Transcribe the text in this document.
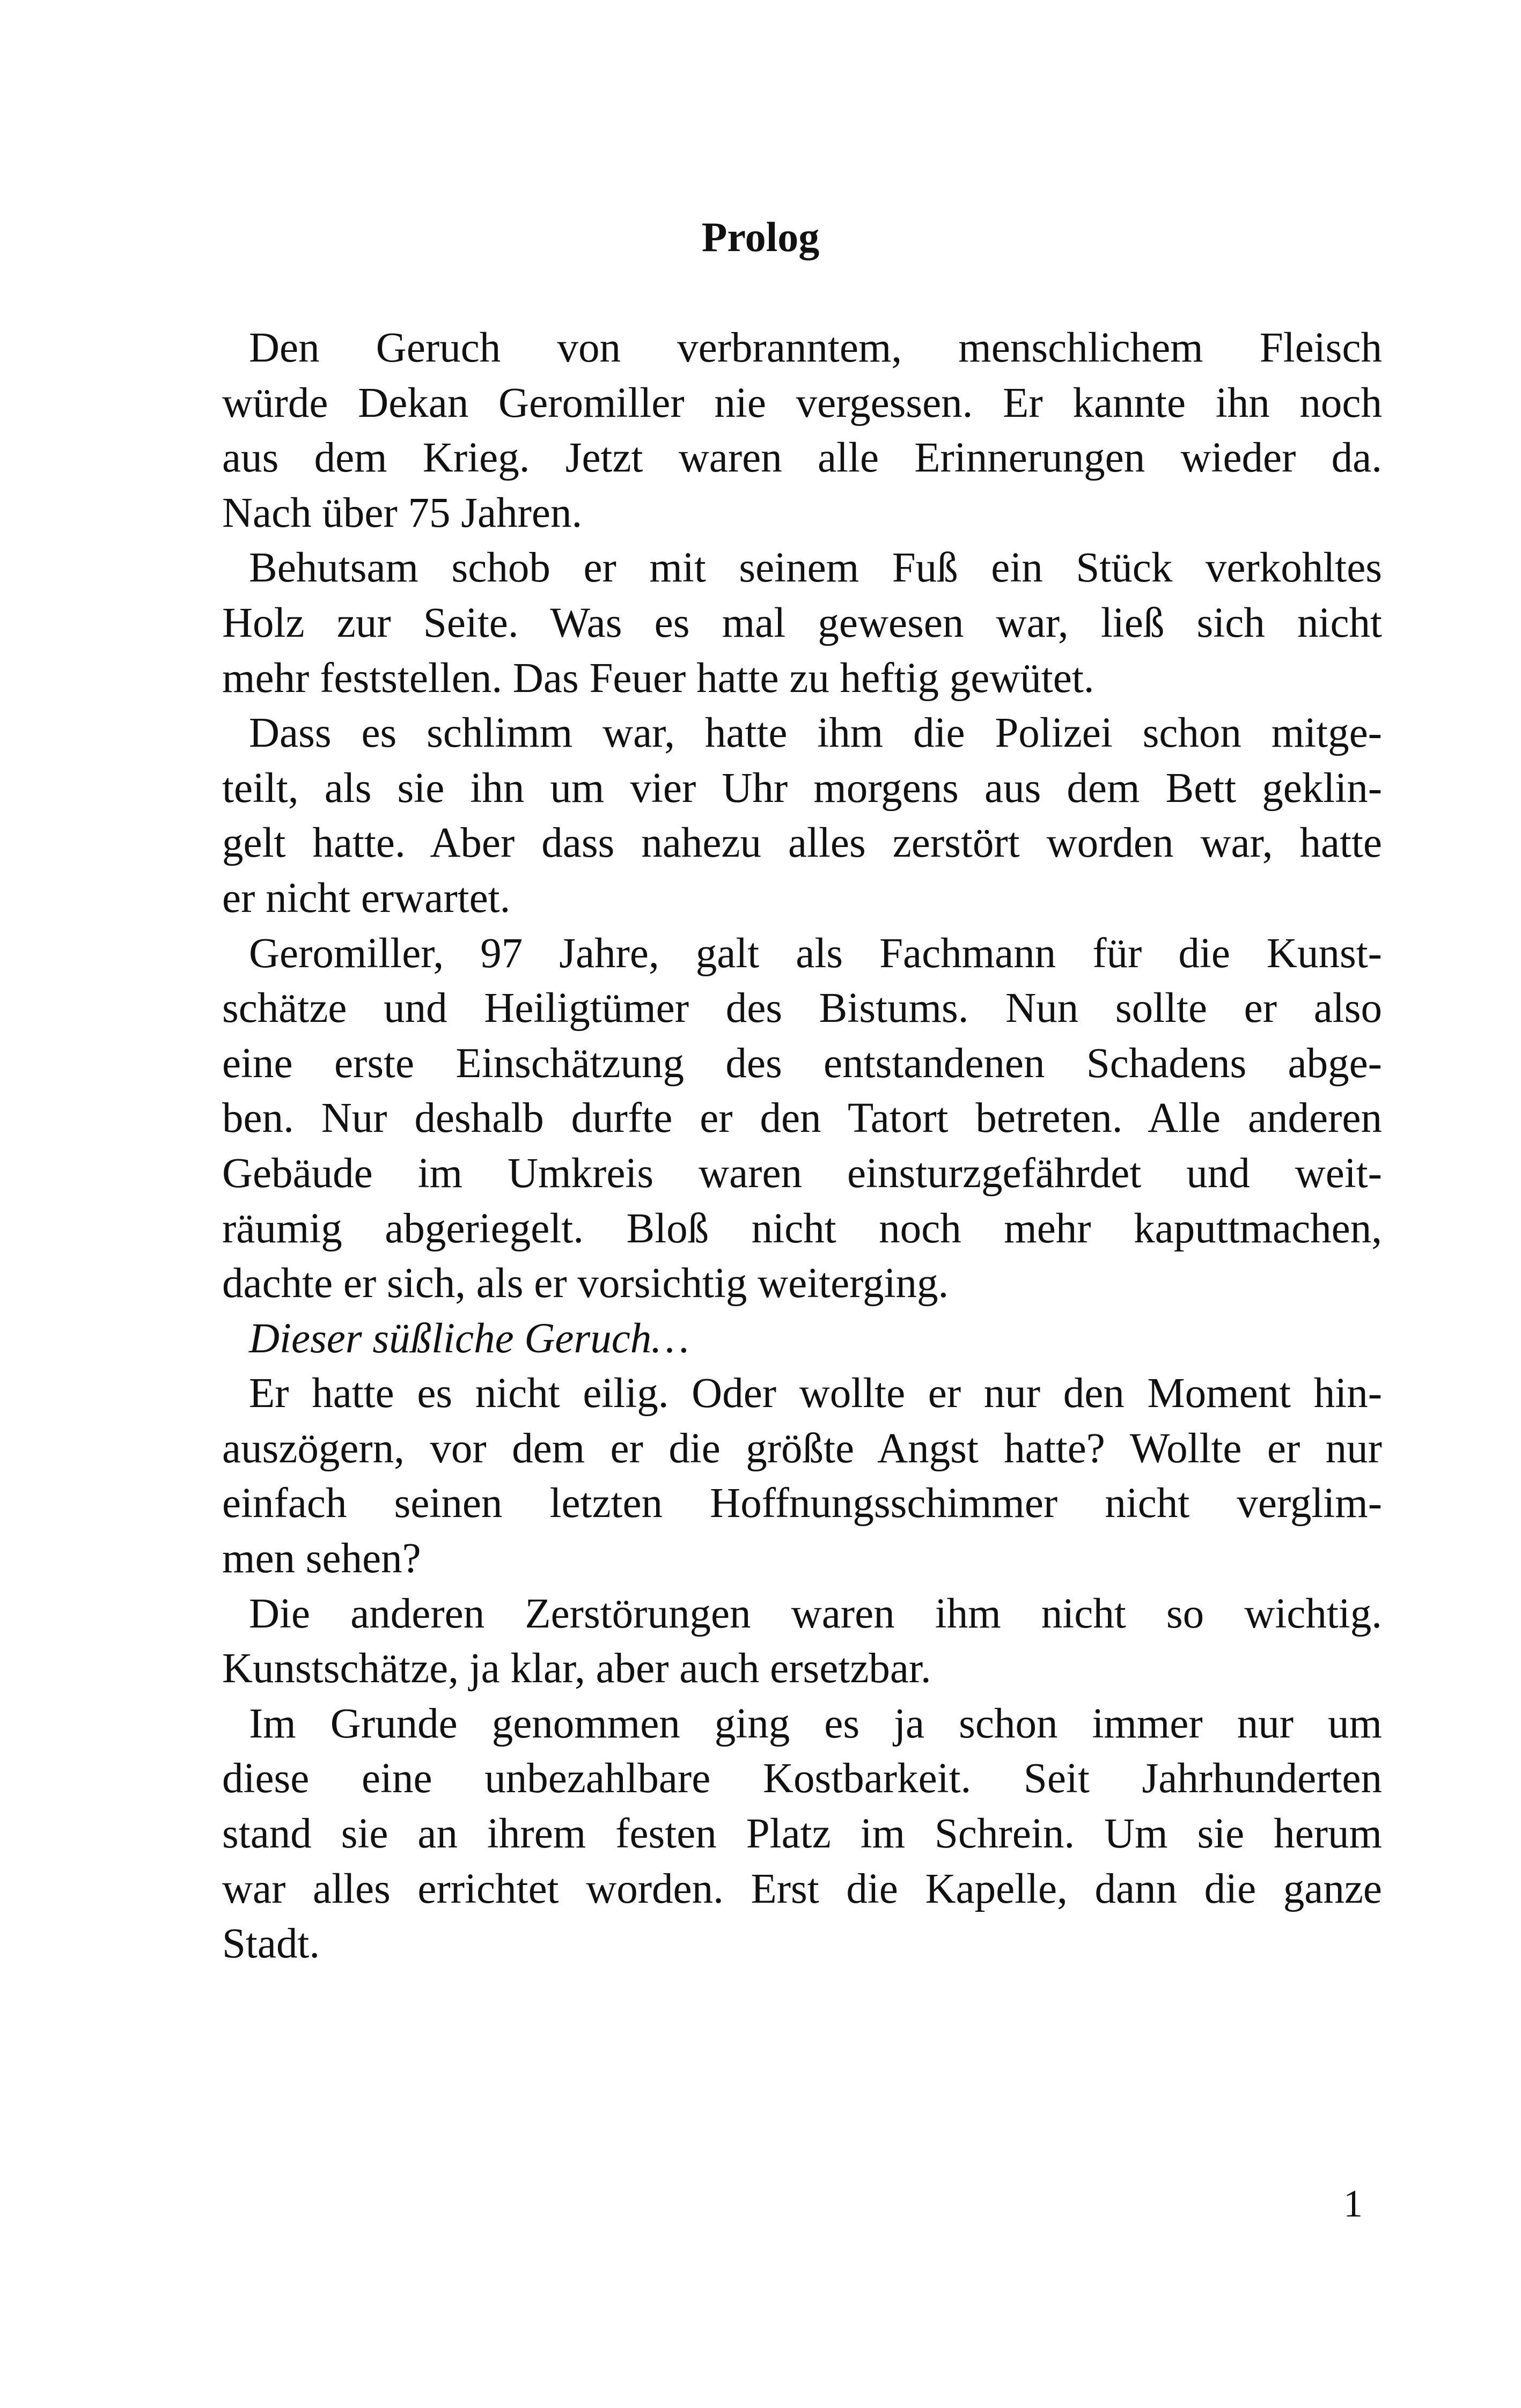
Prolog
Den Geruch von verbranntem, menschlichem Fleisch
würde Dekan Geromiller nie vergessen. Er kannte ihn noch
aus dem Krieg. Jetzt waren alle Erinnerungen wieder da.
Nach über 75 Jahren.
Behutsam schob er mit seinem Fuß ein Stück verkohltes
Holz zur Seite. Was es mal gewesen war, ließ sich nicht
mehr feststellen. Das Feuer hatte zu heftig gewütet.
Dass es schlimm war, hatte ihm die Polizei schon mitge-
teilt, als sie ihn um vier Uhr morgens aus dem Bett geklin-
gelt hatte. Aber dass nahezu alles zerstört worden war, hatte
er nicht erwartet.
Geromiller, 97 Jahre, galt als Fachmann für die Kunst-
schätze und Heiligtümer des Bistums. Nun sollte er also
eine erste Einschätzung des entstandenen Schadens abge-
ben. Nur deshalb durfte er den Tatort betreten. Alle anderen
Gebäude im Umkreis waren einsturzgefährdet und weit-
räumig abgeriegelt. Bloß nicht noch mehr kaputtmachen,
dachte er sich, als er vorsichtig weiterging.
Dieser süßliche Geruch…
Er hatte es nicht eilig. Oder wollte er nur den Moment hin-
auszögern, vor dem er die größte Angst hatte? Wollte er nur
einfach seinen letzten Hoffnungsschimmer nicht verglim-
men sehen?
Die anderen Zerstörungen waren ihm nicht so wichtig.
Kunstschätze, ja klar, aber auch ersetzbar.
Im Grunde genommen ging es ja schon immer nur um
diese eine unbezahlbare Kostbarkeit. Seit Jahrhunderten
stand sie an ihrem festen Platz im Schrein. Um sie herum
war alles errichtet worden. Erst die Kapelle, dann die ganze
Stadt.
1
